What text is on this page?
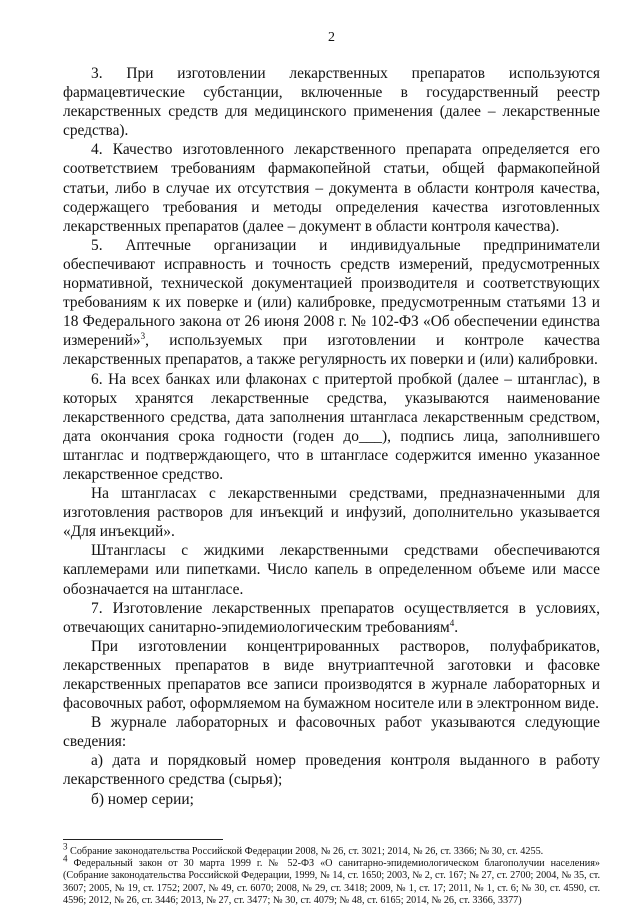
2

3. При изготовлении лекарственных препаратов используются фармацевтические субстанции, включенные в государственный реестр лекарственных средств для медицинского применения (далее – лекарственные средства).

4. Качество изготовленного лекарственного препарата определяется его соответствием требованиям фармакопейной статьи, общей фармакопейной статьи, либо в случае их отсутствия – документа в области контроля качества, содержащего требования и методы определения качества изготовленных лекарственных препаратов (далее – документ в области контроля качества).

5. Аптечные организации и индивидуальные предприниматели обеспечивают исправность и точность средств измерений, предусмотренных нормативной, технической документацией производителя и соответствующих требованиям к их поверке и (или) калибровке, предусмотренным статьями 13 и 18 Федерального закона от 26 июня 2008 г. № 102-ФЗ «Об обеспечении единства измерений»$^3$, используемых при изготовлении и контроле качества лекарственных препаратов, а также регулярность их поверки и (или) калибровки.

6. На всех банках или флаконах с притертой пробкой (далее – штанглас), в которых хранятся лекарственные средства, указываются наименование лекарственного средства, дата заполнения штангласа лекарственным средством, дата окончания срока годности (годен до___), подпись лица, заполнившего штанглас и подтверждающего, что в штангласе содержится именно указанное лекарственное средство.

На штангласах с лекарственными средствами, предназначенными для изготовления растворов для инъекций и инфузий, дополнительно указывается «Для инъекций».

Штангласы с жидкими лекарственными средствами обеспечиваются каплемерами или пипетками. Число капель в определенном объеме или массе обозначается на штангласе.

7. Изготовление лекарственных препаратов осуществляется в условиях, отвечающих санитарно-эпидемиологическим требованиям$^4$.

При изготовлении концентрированных растворов, полуфабрикатов, лекарственных препаратов в виде внутриаптечной заготовки и фасовке лекарственных препаратов все записи производятся в журнале лабораторных и фасовочных работ, оформляемом на бумажном носителе или в электронном виде.

В журнале лабораторных и фасовочных работ указываются следующие сведения:

а) дата и порядковый номер проведения контроля выданного в работу лекарственного средства (сырья);

б) номер серии;

$^3$ Собрание законодательства Российской Федерации 2008, № 26, ст. 3021; 2014, № 26, ст. 3366; № 30, ст. 4255.

$^4$ Федеральный закон от 30 марта 1999 г. № 52-ФЗ «О санитарно-эпидемиологическом благополучии населения» (Собрание законодательства Российской Федерации, 1999, № 14, ст. 1650; 2003, № 2, ст. 167; № 27, ст. 2700; 2004, № 35, ст. 3607; 2005, № 19, ст. 1752; 2007, № 49, ст. 6070; 2008, № 29, ст. 3418; 2009, № 1, ст. 17; 2011, № 1, ст. 6; № 30, ст. 4590, ст. 4596; 2012, № 26, ст. 3446; 2013, № 27, ст. 3477; № 30, ст. 4079; № 48, ст. 6165; 2014, № 26, ст. 3366, 3377)
